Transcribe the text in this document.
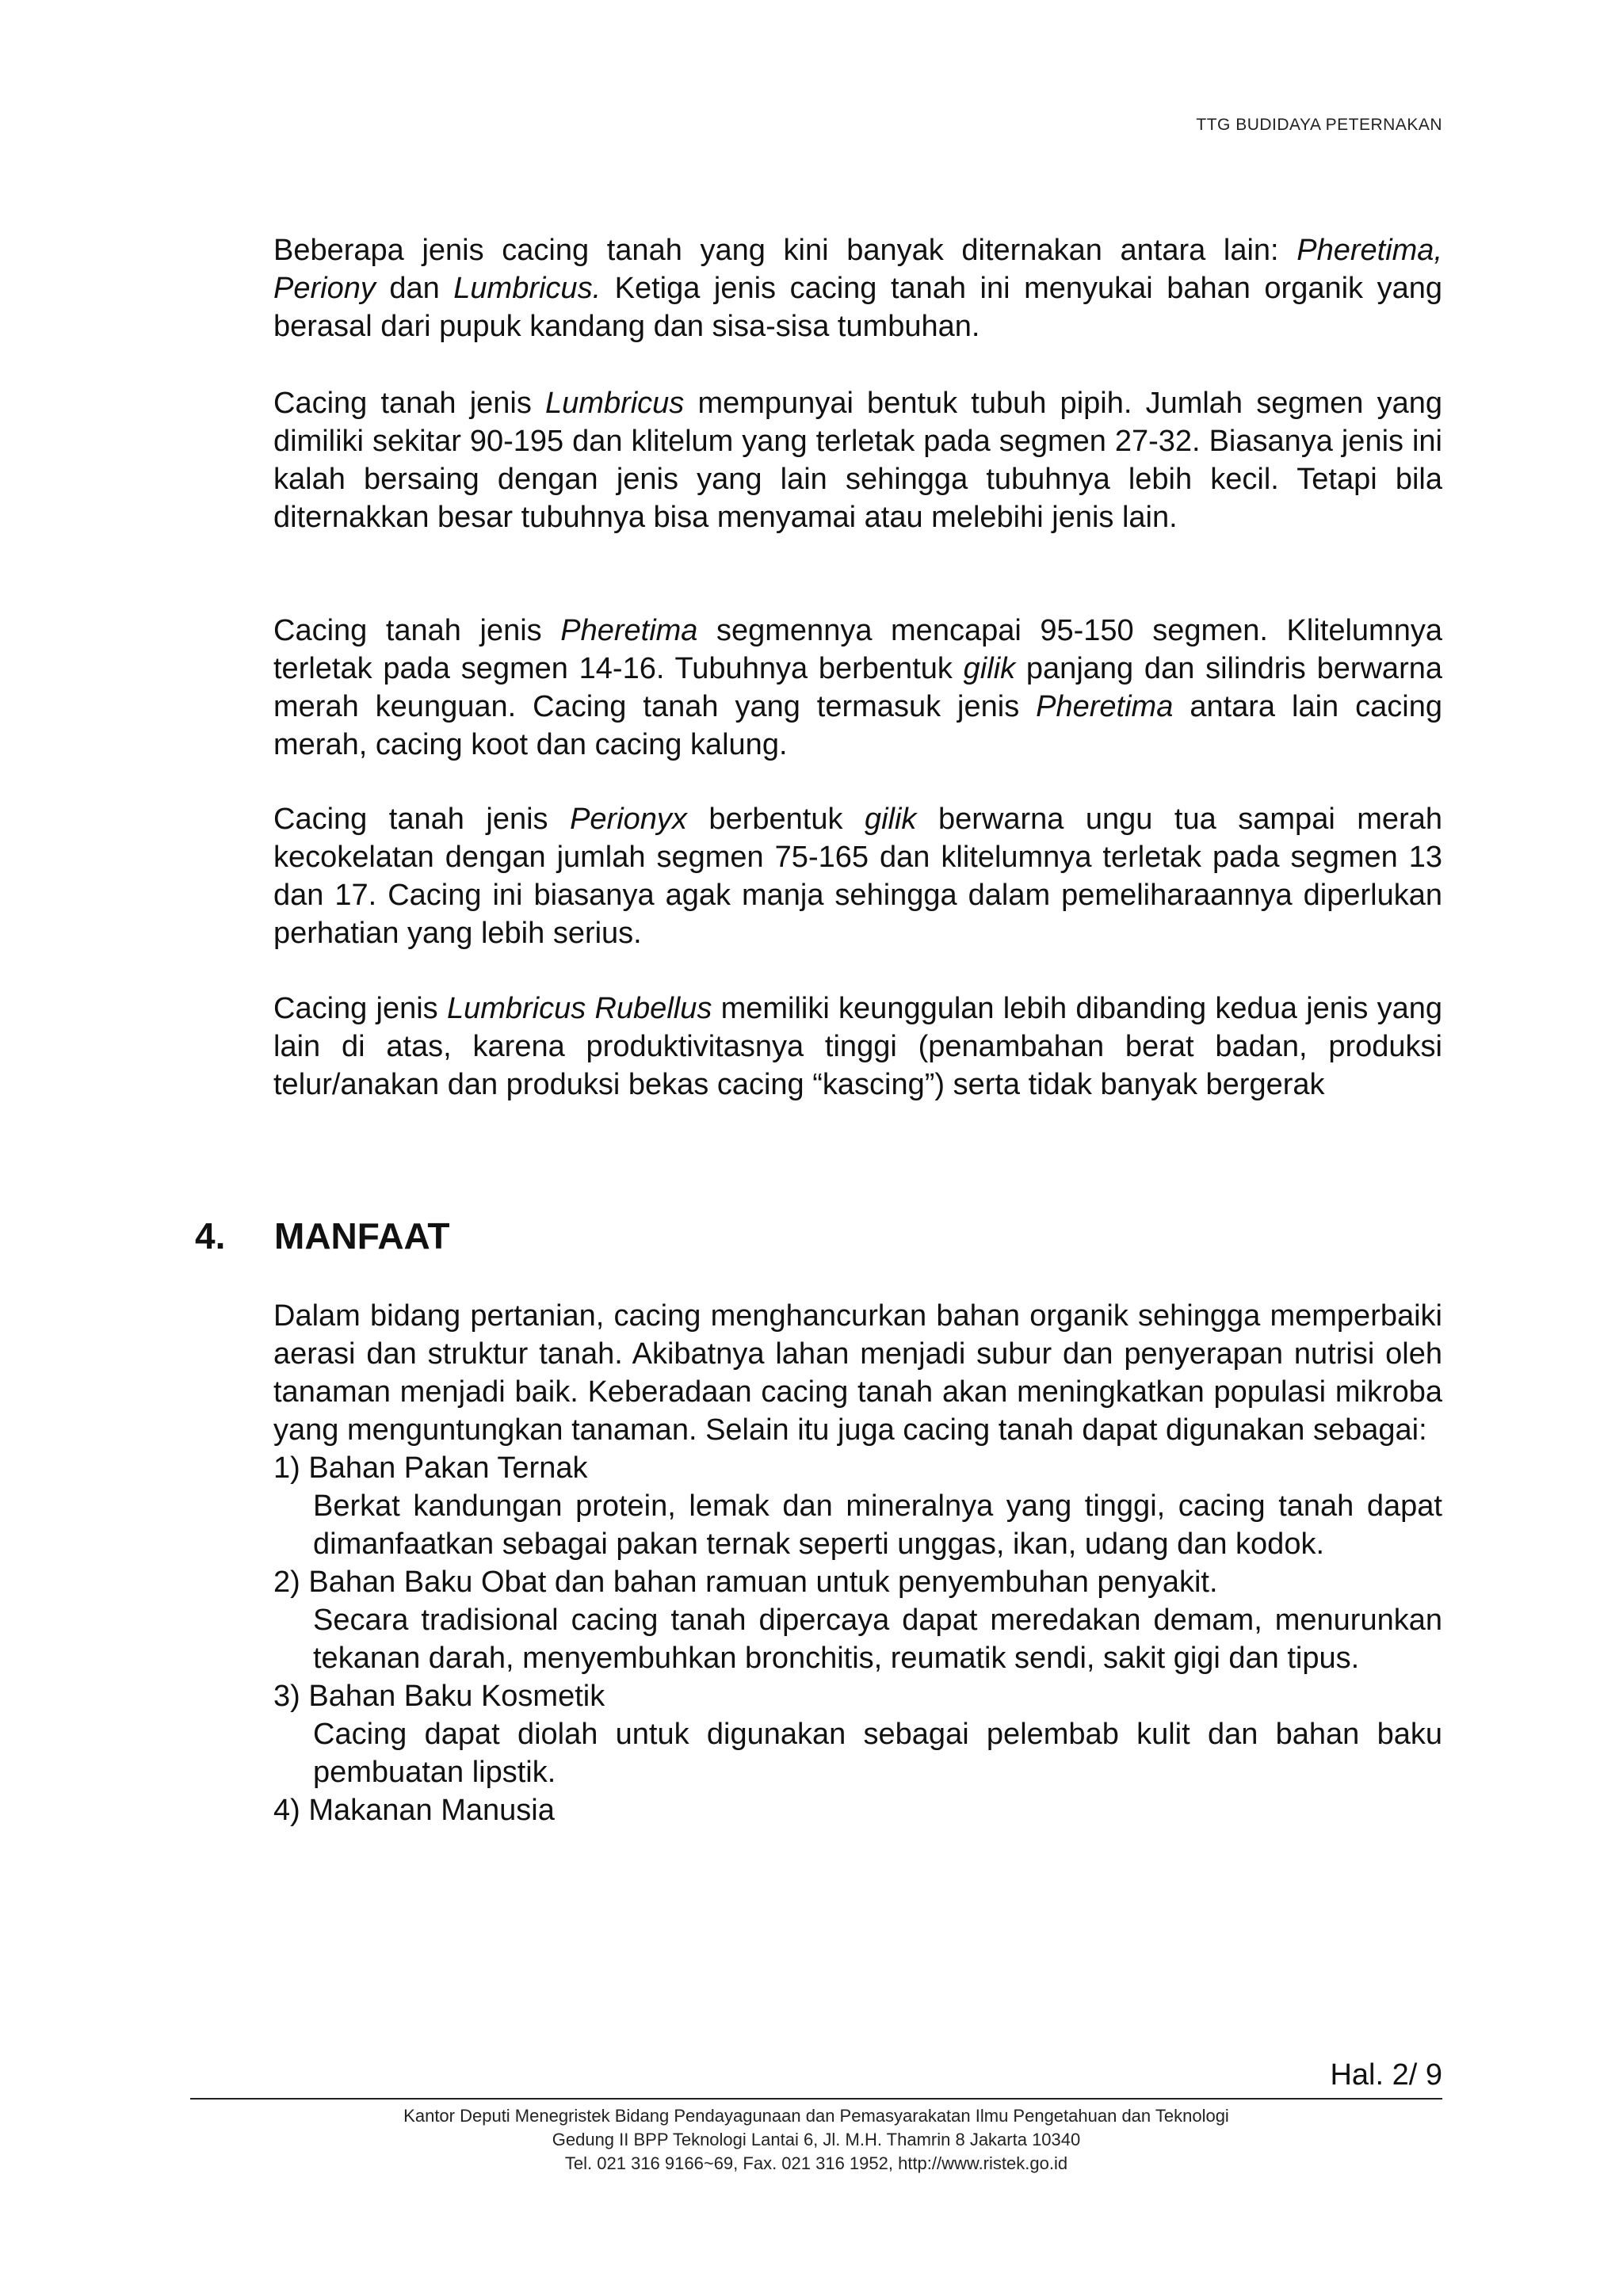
TTG BUDIDAYA PETERNAKAN

Beberapa jenis cacing tanah yang kini banyak diternakan antara lain: Pheretima, Periony dan Lumbricus. Ketiga jenis cacing tanah ini menyukai bahan organik yang berasal dari pupuk kandang dan sisa-sisa tumbuhan.

Cacing tanah jenis Lumbricus mempunyai bentuk tubuh pipih. Jumlah segmen yang dimiliki sekitar 90-195 dan klitelum yang terletak pada segmen 27-32. Biasanya jenis ini kalah bersaing dengan jenis yang lain sehingga tubuhnya lebih kecil. Tetapi bila diternakkan besar tubuhnya bisa menyamai atau melebihi jenis lain.

Cacing tanah jenis Pheretima segmennya mencapai 95-150 segmen. Klitelumnya terletak pada segmen 14-16. Tubuhnya berbentuk gilik panjang dan silindris berwarna merah keunguan. Cacing tanah yang termasuk jenis Pheretima antara lain cacing merah, cacing koot dan cacing kalung.

Cacing tanah jenis Perionyx berbentuk gilik berwarna ungu tua sampai merah kecokelatan dengan jumlah segmen 75-165 dan klitelumnya terletak pada segmen 13 dan 17. Cacing ini biasanya agak manja sehingga dalam pemeliharaannya diperlukan perhatian yang lebih serius.

Cacing jenis Lumbricus Rubellus memiliki keunggulan lebih dibanding kedua jenis yang lain di atas, karena produktivitasnya tinggi (penambahan berat badan, produksi telur/anakan dan produksi bekas cacing “kascing”) serta tidak banyak bergerak

4.	MANFAAT

Dalam bidang pertanian, cacing menghancurkan bahan organik sehingga memperbaiki aerasi dan struktur tanah. Akibatnya lahan menjadi subur dan penyerapan nutrisi oleh tanaman menjadi baik. Keberadaan cacing tanah akan meningkatkan populasi mikroba yang menguntungkan tanaman. Selain itu juga cacing tanah dapat digunakan sebagai:

1) Bahan Pakan Ternak
Berkat kandungan protein, lemak dan mineralnya yang tinggi, cacing tanah dapat dimanfaatkan sebagai pakan ternak seperti unggas, ikan, udang dan kodok.
2) Bahan Baku Obat dan bahan ramuan untuk penyembuhan penyakit.
Secara tradisional cacing tanah dipercaya dapat meredakan demam, menurunkan tekanan darah, menyembuhkan bronchitis, reumatik sendi, sakit gigi dan tipus.
3) Bahan Baku Kosmetik
Cacing dapat diolah untuk digunakan sebagai pelembab kulit dan bahan baku pembuatan lipstik.
4) Makanan Manusia
Hal. 2/ 9
Kantor Deputi Menegristek Bidang Pendayagunaan dan Pemasyarakatan Ilmu Pengetahuan dan Teknologi
Gedung II BPP Teknologi Lantai 6, Jl. M.H. Thamrin 8 Jakarta 10340
Tel. 021 316 9166~69, Fax. 021 316 1952, http://www.ristek.go.id
